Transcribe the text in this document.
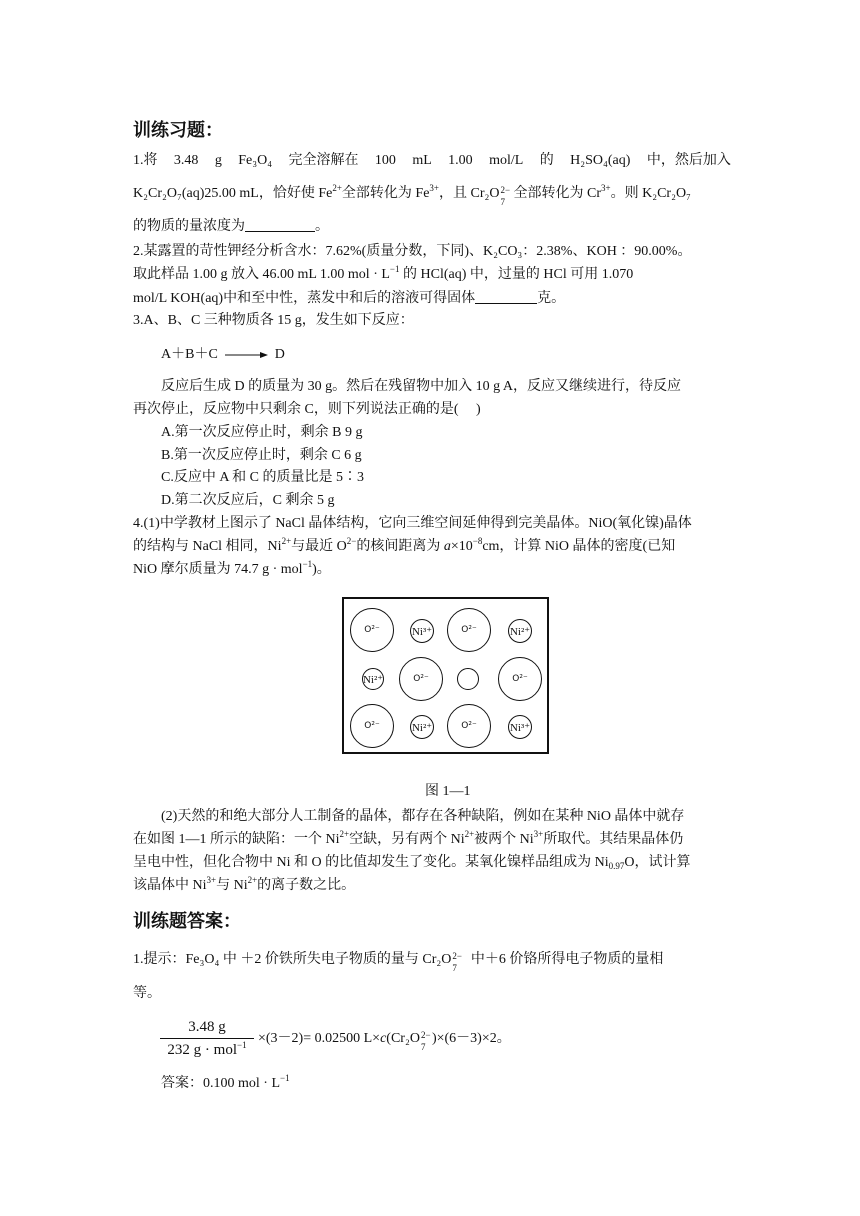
训练习题：
1.将 3.48 g Fe₃O₄ 完全溶解在 100 mL 1.00 mol/L 的 H₂SO₄(aq) 中，然后加入
K₂Cr₂O₇(aq)25.00 mL，恰好使 $Fe^{2+}$全部转化为 $Fe^{3+}$，且 Cr₂O 2−
7
全部转化为 $Cr^{3+}$。则 K₂Cr₂O₇
的物质的量浓度为	。
2.某露置的苛性钾经分析含水：7.62%(质量分数，下同)、K₂CO₃：2.38%、KOH ：90.00%。
取此样品 1.00 g 放入 46.00 mL 1.00 mol · $L^{-1}$ 的 HCl(aq) 中，过量的 HCl 可用 1.070
mol/L KOH(aq)中和至中性，蒸发中和后的溶液可得固体	克。
3.A、B、C 三种物质各 15 g，发生如下反应：
A＋B＋C → D
反应后生成 D 的质量为 30 g。然后在残留物中加入 10 g A，反应又继续进行，待反应
再次停止，反应物中只剩余 C，则下列说法正确的是(　 )
A.第一次反应停止时，剩余 B 9 g
B.第一次反应停止时，剩余 C 6 g
C.反应中 A 和 C 的质量比是 5∶3
D.第二次反应后，C 剩余 5 g
4.(1)中学教材上图示了 NaCl 晶体结构，它向三维空间延伸得到完美晶体。NiO(氧化镍)晶体
的结构与 NaCl 相同，$Ni^{2+}$与最近 $O^{2-}$的核间距离为 $a\times 10^{-8}cm$，计算 NiO 晶体的密度(已知
NiO 摩尔质量为 74.7 g · mol$^{-1}$)。
O²⁻	Ni³⁺	O²⁻	Ni²⁺
Ni²⁺	O²⁻	O²⁻
O²⁻	Ni²⁺	O²⁻	Ni³⁺
图 1—1
(2)天然的和绝大部分人工制备的晶体，都存在各种缺陷，例如在某种 NiO 晶体中就存
在如图 1—1 所示的缺陷：一个 $Ni^{2+}$空缺，另有两个 $Ni^{2+}$被两个 $Ni^{3+}$所取代。其结果晶体仍
呈电中性，但化合物中 Ni 和 O 的比值却发生了变化。某氧化镍样品组成为 $Ni_{0.97}O$，试计算
该晶体中 $Ni^{3+}$与 $Ni^{2+}$的离子数之比。
训练题答案：
1.提示：Fe₃O₄ 中 ＋2 价铁所失电子物质的量与 Cr₂O 2−
7
中＋6 价铬所得电子物质的量相
等。
3.48 g
232 g · mol$^{-1}$ ×(3－2)= 0.02500 L×c(Cr₂O 2−
7
)×(6－3)×2。
答案：0.100 mol · $L^{-1}$
